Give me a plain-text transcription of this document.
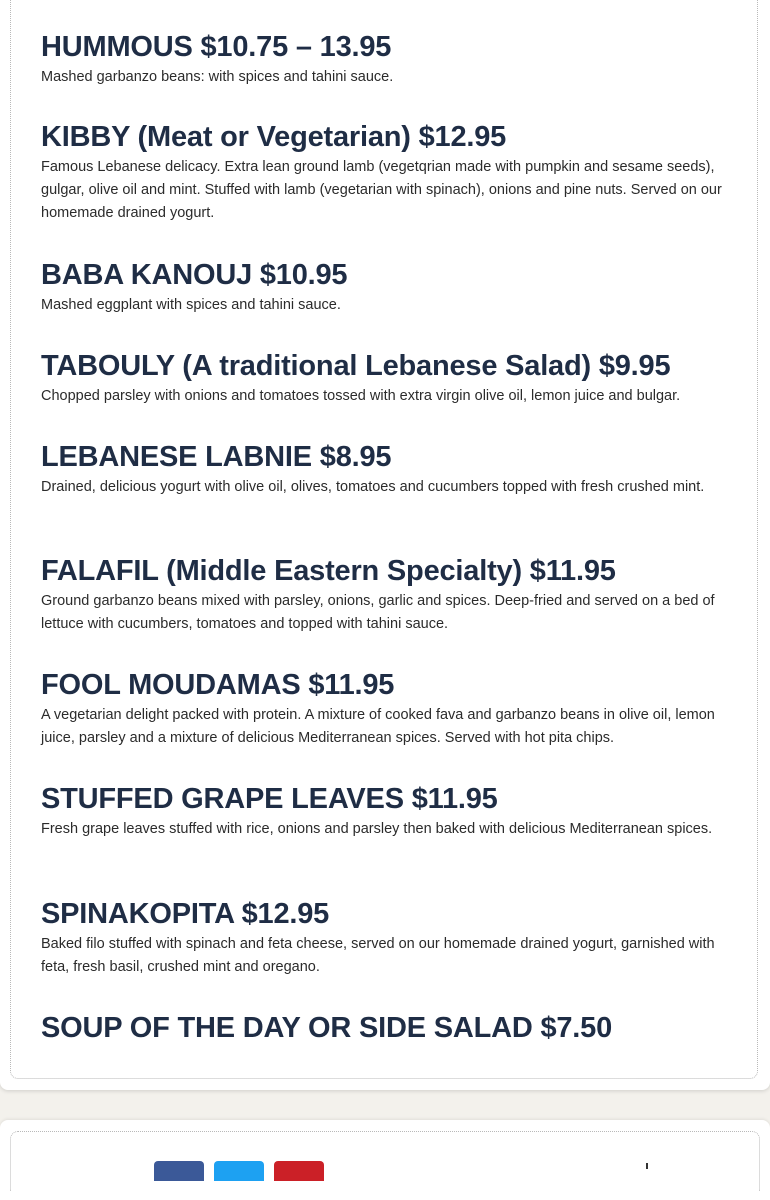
HUMMOUS $10.75 – 13.95

Mashed garbanzo beans: with spices and tahini sauce.

KIBBY (Meat or Vegetarian) $12.95

Famous Lebanese delicacy. Extra lean ground lamb (vegetqrian made with pumpkin and sesame seeds), gulgar, olive oil and mint. Stuffed with lamb (vegetarian with spinach), onions and pine nuts. Served on our homemade drained yogurt.

BABA KANOUJ $10.95

Mashed eggplant with spices and tahini sauce.

TABOULY (A traditional Lebanese Salad) $9.95

Chopped parsley with onions and tomatoes tossed with extra virgin olive oil, lemon juice and bulgar.

LEBANESE LABNIE $8.95

Drained, delicious yogurt with olive oil, olives, tomatoes and cucumbers topped with fresh crushed mint.

FALAFIL (Middle Eastern Specialty) $11.95

Ground garbanzo beans mixed with parsley, onions, garlic and spices. Deep-fried and served on a bed of lettuce with cucumbers, tomatoes and topped with tahini sauce.

FOOL MOUDAMAS $11.95

A vegetarian delight packed with protein. A mixture of cooked fava and garbanzo beans in olive oil, lemon juice, parsley and a mixture of delicious Mediterranean spices. Served with hot pita chips.

STUFFED GRAPE LEAVES $11.95

Fresh grape leaves stuffed with rice, onions and parsley then baked with delicious Mediterranean spices.

SPINAKOPITA $12.95

Baked filo stuffed with spinach and feta cheese, served on our homemade drained yogurt, garnished with feta, fresh basil, crushed mint and oregano.

SOUP OF THE DAY OR SIDE SALAD $7.50
